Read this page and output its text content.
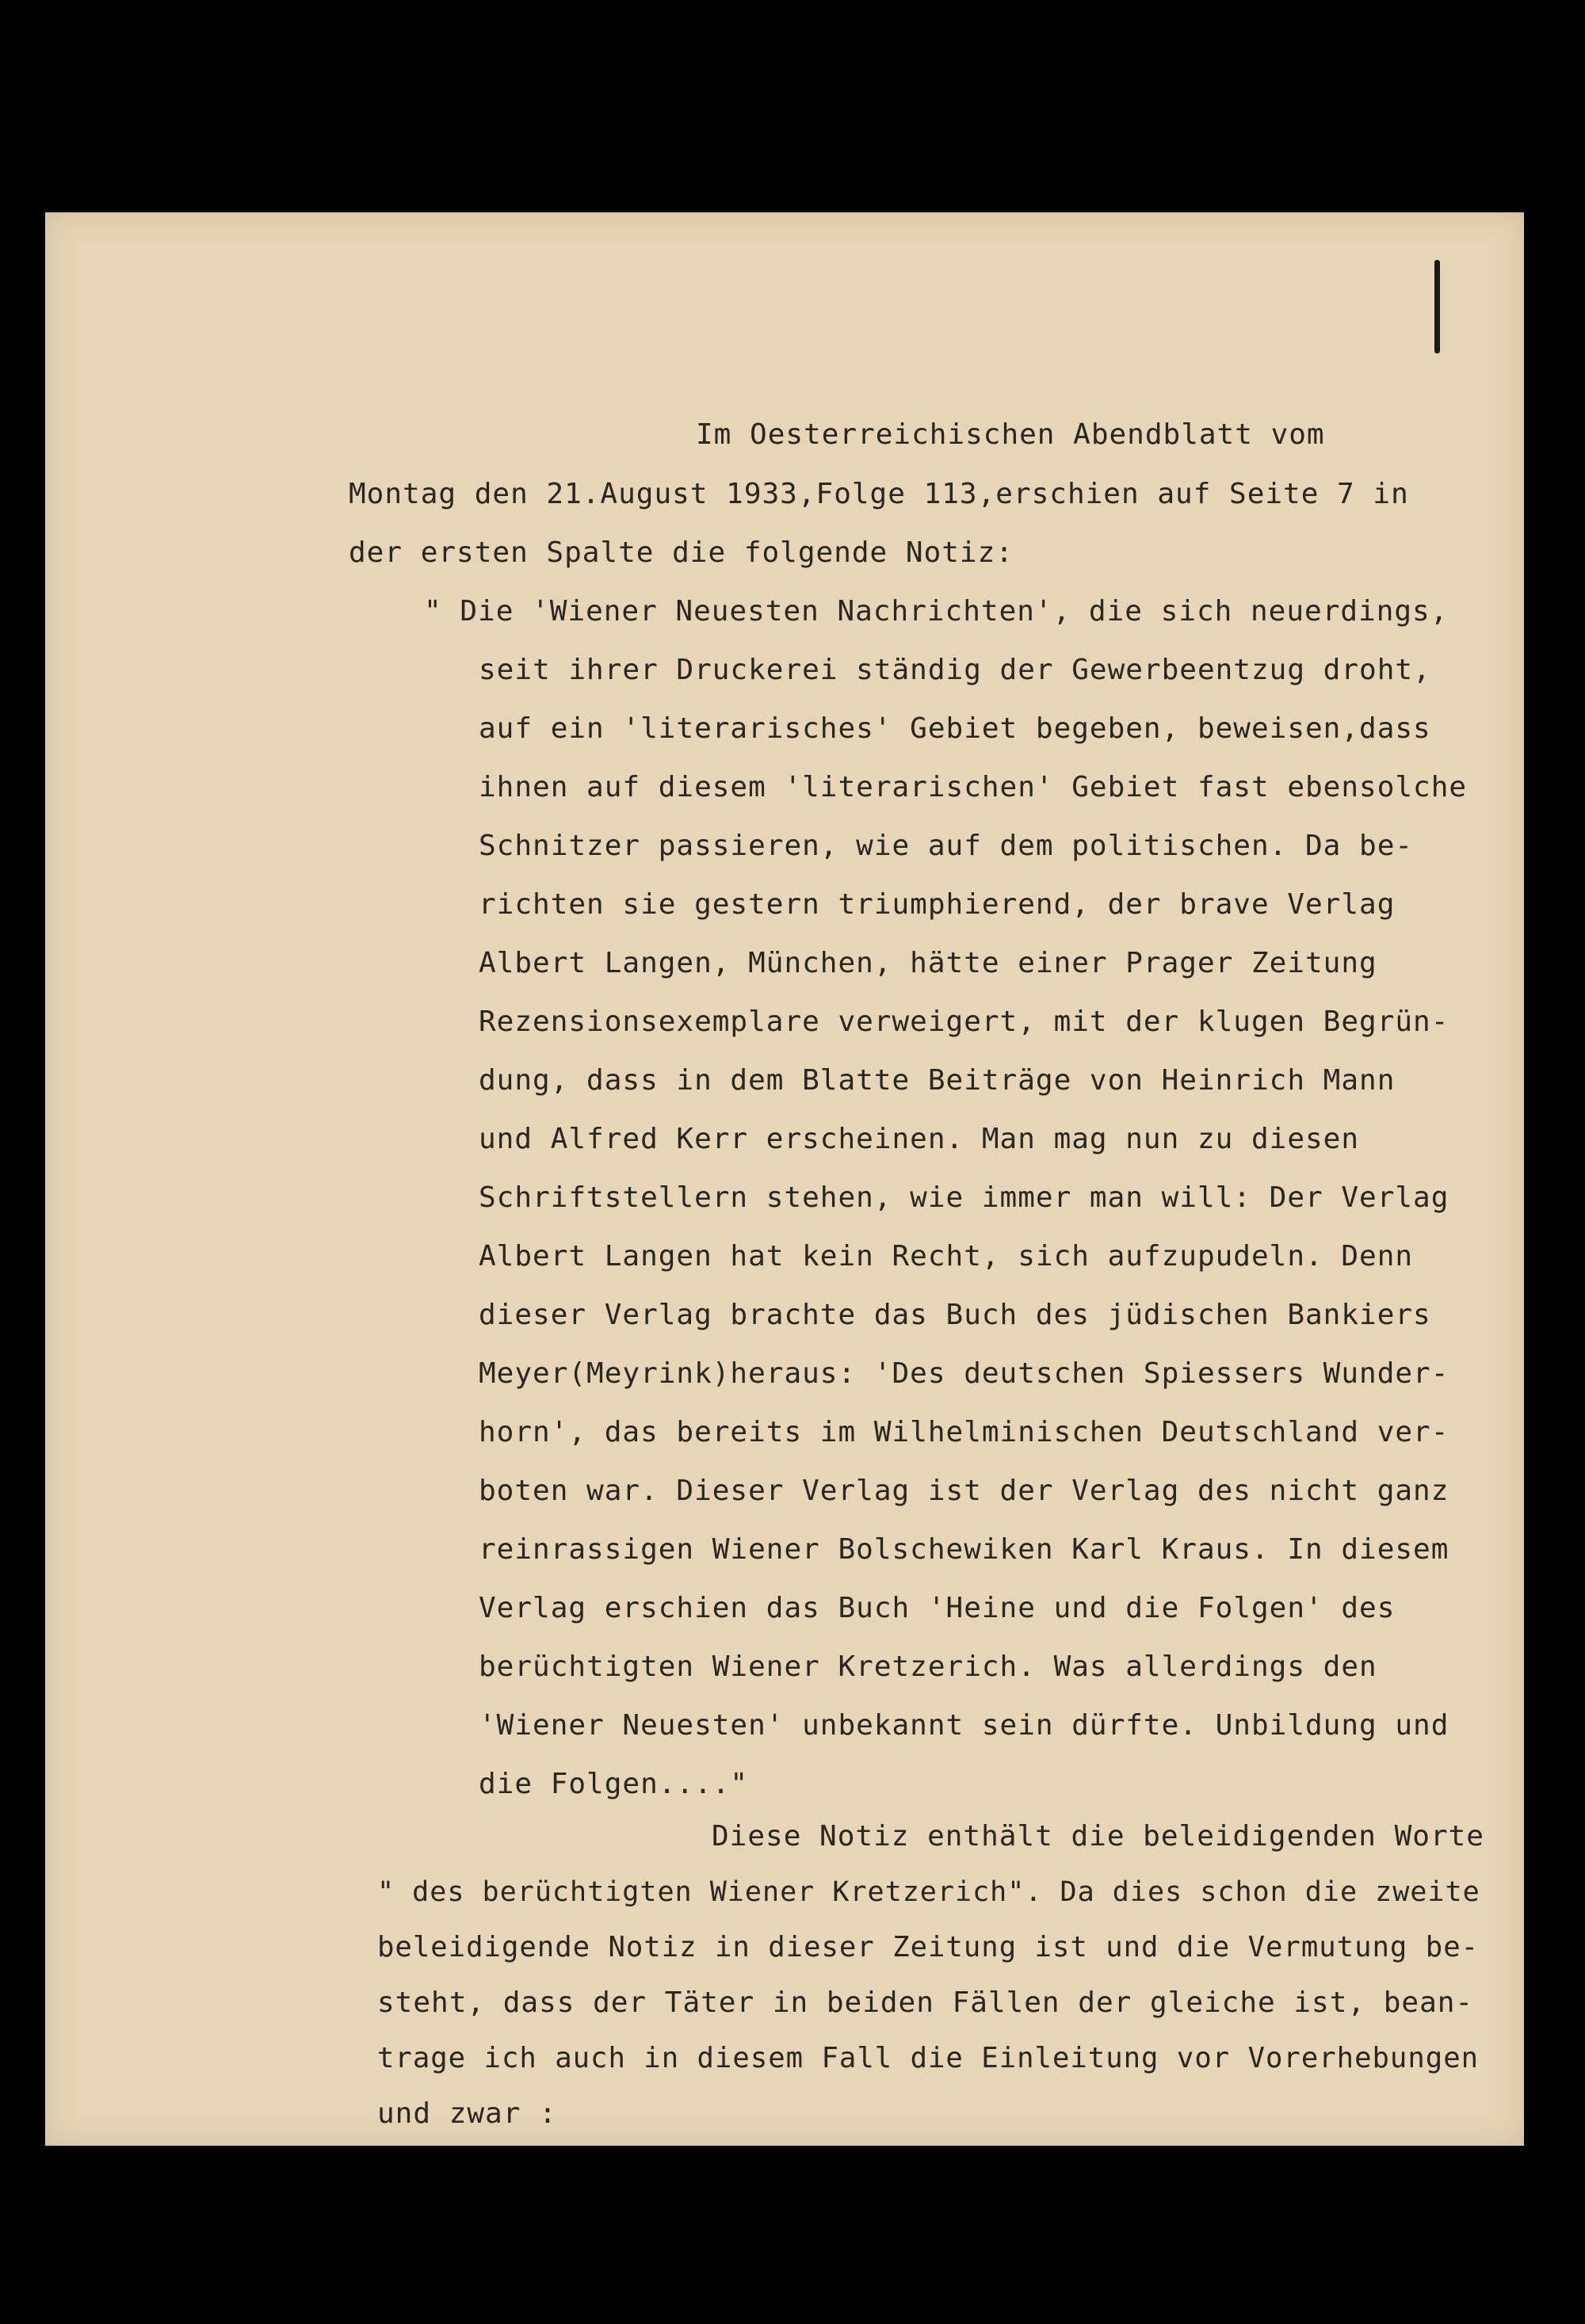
Im Oesterreichischen Abendblatt vom
Montag den 21.August 1933,Folge 113,erschien auf Seite 7 in
der ersten Spalte die folgende Notiz:
" Die 'Wiener Neuesten Nachrichten', die sich neuerdings,
seit ihrer Druckerei ständig der Gewerbeentzug droht,
auf ein 'literarisches' Gebiet begeben, beweisen,dass
ihnen auf diesem 'literarischen' Gebiet fast ebensolche
Schnitzer passieren, wie auf dem politischen. Da be-
richten sie gestern triumphierend, der brave Verlag
Albert Langen, München, hätte einer Prager Zeitung
Rezensionsexemplare verweigert, mit der klugen Begrün-
dung, dass in dem Blatte Beiträge von Heinrich Mann
und Alfred Kerr erscheinen. Man mag nun zu diesen
Schriftstellern stehen, wie immer man will: Der Verlag
Albert Langen hat kein Recht, sich aufzupudeln. Denn
dieser Verlag brachte das Buch des jüdischen Bankiers
Meyer(Meyrink)heraus: 'Des deutschen Spiessers Wunder-
horn', das bereits im Wilhelminischen Deutschland ver-
boten war. Dieser Verlag ist der Verlag des nicht ganz
reinrassigen Wiener Bolschewiken Karl Kraus. In diesem
Verlag erschien das Buch 'Heine und die Folgen' des
berüchtigten Wiener Kretzerich. Was allerdings den
'Wiener Neuesten' unbekannt sein dürfte. Unbildung und
die Folgen...."
Diese Notiz enthält die beleidigenden Worte
" des berüchtigten Wiener Kretzerich". Da dies schon die zweite
beleidigende Notiz in dieser Zeitung ist und die Vermutung be-
steht, dass der Täter in beiden Fällen der gleiche ist, bean-
trage ich auch in diesem Fall die Einleitung vor Vorerhebungen
und zwar :
